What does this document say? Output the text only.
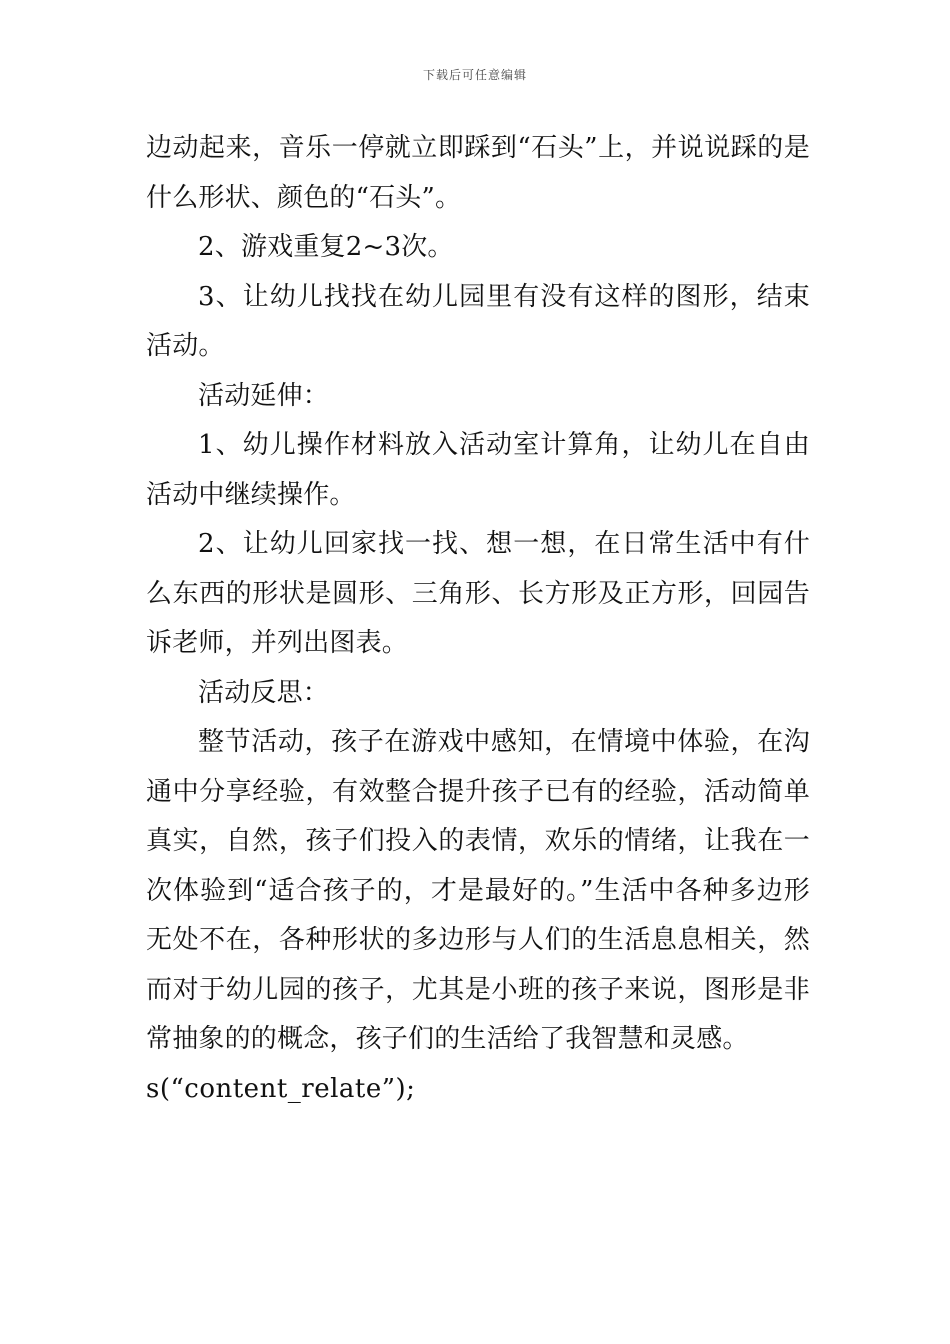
下载后可任意编辑

边动起来，音乐一停就立即踩到“石头”上，并说说踩的是什么形状、颜色的“石头”。

2、游戏重复2~3次。

3、让幼儿找找在幼儿园里有没有这样的图形，结束活动。

活动延伸：

1、幼儿操作材料放入活动室计算角，让幼儿在自由活动中继续操作。

2、让幼儿回家找一找、想一想，在日常生活中有什么东西的形状是圆形、三角形、长方形及正方形，回园告诉老师，并列出图表。

活动反思：

整节活动，孩子在游戏中感知，在情境中体验，在沟通中分享经验，有效整合提升孩子已有的经验，活动简单真实，自然，孩子们投入的表情，欢乐的情绪，让我在一次体验到“适合孩子的，才是最好的。”生活中各种多边形无处不在，各种形状的多边形与人们的生活息息相关，然而对于幼儿园的孩子，尤其是小班的孩子来说，图形是非常抽象的的概念，孩子们的生活给了我智慧和灵感。

s(“content_relate”);
